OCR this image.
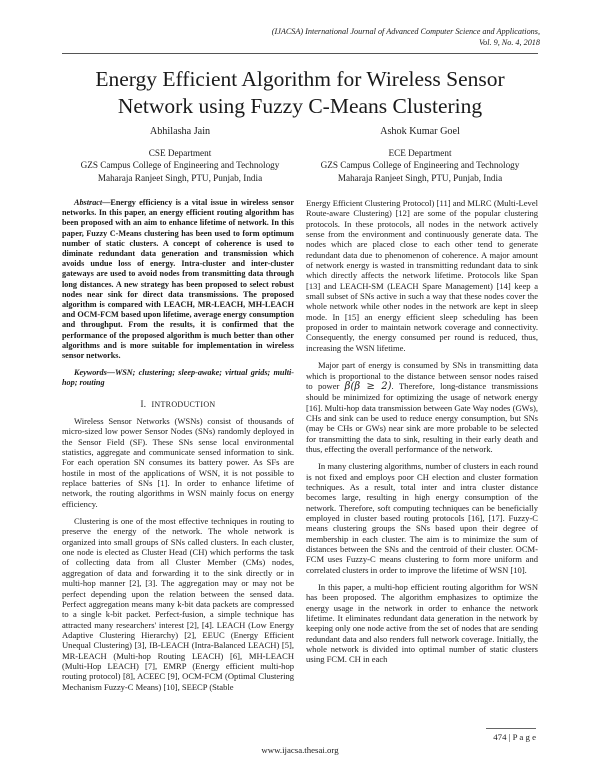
(IJACSA) International Journal of Advanced Computer Science and Applications,
Vol. 9, No. 4, 2018
Energy Efficient Algorithm for Wireless Sensor
Network using Fuzzy C-Means Clustering
Abhilasha Jain
CSE Department
GZS Campus College of Engineering and Technology
Maharaja Ranjeet Singh, PTU, Punjab, India
Ashok Kumar Goel
ECE Department
GZS Campus College of Engineering and Technology
Maharaja Ranjeet Singh, PTU, Punjab, India

Abstract—Energy efficiency is a vital issue in wireless sensor networks. In this paper, an energy efficient routing algorithm has been proposed with an aim to enhance lifetime of network. In this paper, Fuzzy C-Means clustering has been used to form optimum number of static clusters. A concept of coherence is used to diminate redundant data generation and transmission which avoids undue loss of energy. Intra-cluster and inter-cluster gateways are used to avoid nodes from transmitting data through long distances. A new strategy has been proposed to select robust nodes near sink for direct data transmissions. The proposed algorithm is compared with LEACH, MR-LEACH, MH-LEACH and OCM-FCM based upon lifetime, average energy consumption and throughput. From the results, it is confirmed that the performance of the proposed algorithm is much better than other algorithms and is more suitable for implementation in wireless sensor networks.

Keywords—WSN; clustering; sleep-awake; virtual grids; multi-hop; routing

I. INTRODUCTION

Wireless Sensor Networks (WSNs) consist of thousands of micro-sized low power Sensor Nodes (SNs) randomly deployed in the Sensor Field (SF). These SNs sense local environmental statistics, aggregate and communicate sensed information to sink. For each operation SN consumes its battery power. As SFs are hostile in most of the applications of WSN, it is not possible to replace batteries of SNs [1]. In order to enhance lifetime of network, the routing algorithms in WSN mainly focus on energy efficiency.

Clustering is one of the most effective techniques in routing to preserve the energy of the network. The whole network is organized into small groups of SNs called clusters. In each cluster, one node is elected as Cluster Head (CH) which performs the task of collecting data from all Cluster Member (CMs) nodes, aggregation of data and forwarding it to the sink directly or in multi-hop manner [2], [3]. The aggregation may or may not be perfect depending upon the relation between the sensed data. Perfect aggregation means many k-bit data packets are compressed to a single k-bit packet. Perfect-fusion, a simple technique has attracted many researchers' interest [2], [4]. LEACH (Low Energy Adaptive Clustering Hierarchy) [2], EEUC (Energy Efficient Unequal Clustering) [3], IB-LEACH (Intra-Balanced LEACH) [5], MR-LEACH (Multi-hop Routing LEACH) [6], MH-LEACH (Multi-Hop LEACH) [7], EMRP (Energy efficient multi-hop routing protocol) [8], ACEEC [9], OCM-FCM (Optimal Clustering Mechanism Fuzzy-C Means) [10], SEECP (Stable

Energy Efficient Clustering Protocol) [11] and MLRC (Multi-Level Route-aware Clustering) [12] are some of the popular clustering protocols. In these protocols, all nodes in the network actively sense from the environment and continuously generate data. The nodes which are placed close to each other tend to generate redundant data due to phenomenon of coherence. A major amount of network energy is wasted in transmitting redundant data to sink which directly affects the network lifetime. Protocols like Span [13] and LEACH-SM (LEACH Spare Management) [14] keep a small subset of SNs active in such a way that these nodes cover the whole network while other nodes in the network are kept in sleep mode. In [15] an energy efficient sleep scheduling has been proposed in order to maintain network coverage and connectivity. Consequently, the energy consumed per round is reduced, thus, increasing the WSN lifetime.

Major part of energy is consumed by SNs in transmitting data which is proportional to the distance between sensor nodes raised to power β(β ≥ 2). Therefore, long-distance transmissions should be minimized for optimizing the usage of network energy [16]. Multi-hop data transmission between Gate Way nodes (GWs), CHs and sink can be used to reduce energy consumption, but SNs (may be CHs or GWs) near sink are more probable to be selected for transmitting the data to sink, resulting in their early death and thus, effecting the overall performance of the network.

In many clustering algorithms, number of clusters in each round is not fixed and employs poor CH election and cluster formation techniques. As a result, total inter and intra cluster distance becomes large, resulting in high energy consumption of the network. Therefore, soft computing techniques can be beneficially employed in cluster based routing protocols [16], [17]. Fuzzy-C means clustering groups the SNs based upon their degree of membership in each cluster. The aim is to minimize the sum of distances between the SNs and the centroid of their cluster. OCM-FCM uses Fuzzy-C means clustering to form more uniform and correlated clusters in order to improve the lifetime of WSN [10].

In this paper, a multi-hop efficient routing algorithm for WSN has been proposed. The algorithm emphasizes to optimize the energy usage in the network in order to enhance the network lifetime. It eliminates redundant data generation in the network by keeping only one node active from the set of nodes that are sending redundant data and also renders full network coverage. Initially, the whole network is divided into optimal number of static clusters using FCM. CH in each

474 | P a g e
www.ijacsa.thesai.org
